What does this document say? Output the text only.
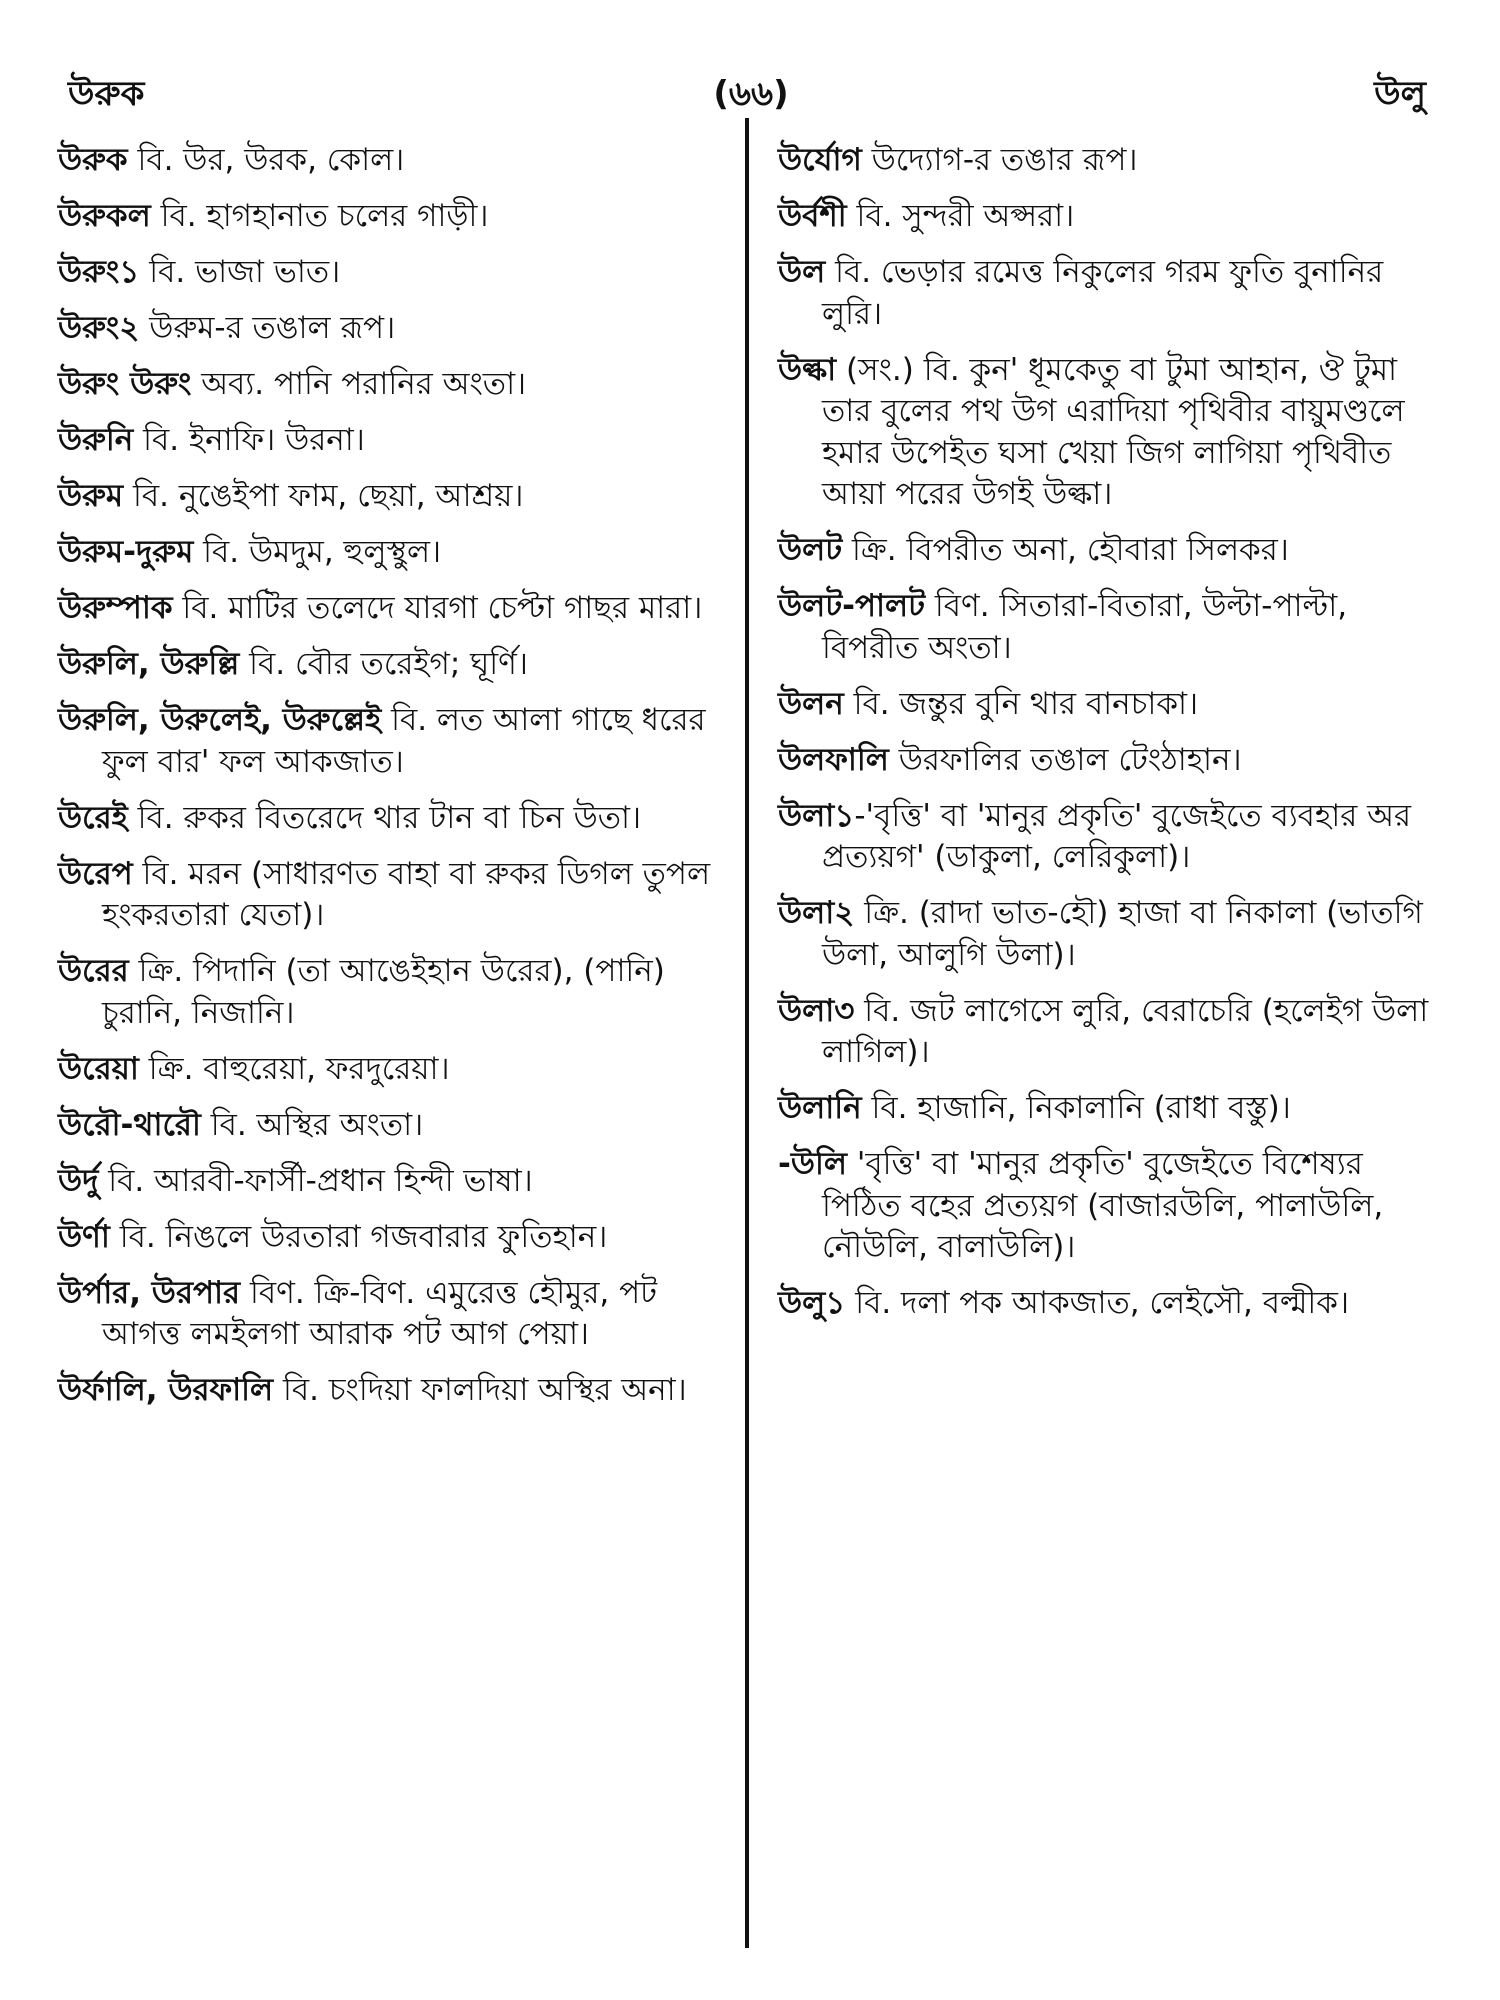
উরুক	(৬৬)	উলু

উরুক বি. উর, উরক, কোল।

উরুকল বি. হাগহানাত চলের গাড়ী।

উরুং১ বি. ভাজা ভাত।

উরুং২ উরুম-র তঙাল রূপ।

উরুং উরুং অব্য. পানি পরানির অংতা।

উরুনি বি. ইনাফি। উরনা।

উরুম বি. নুঙেইপা ফাম, ছেয়া, আশ্রয়।

উরুম-দুরুম বি. উমদুম, হুলুস্থুল।

উরুম্পাক বি. মাটির তলেদে যারগা চেপ্টা গাছর মারা।

উরুলি, উরুল্লি বি. বৌর তরেইগ; ঘূর্ণি।

উরুলি, উরুলেই, উরুল্লেই বি. লত আলা গাছে ধরের ফুল বার' ফল আকজাত।

উরেই বি. রুকর বিতরেদে থার টান বা চিন উতা।

উরেপ বি. মরন (সাধারণত বাহা বা রুকর ডিগল তুপল হংকরতারা যেতা)।

উরের ক্রি. পিদানি (তা আঙেইহান উরের), (পানি) চুরানি, নিজানি।

উরেয়া ক্রি. বাহুরেয়া, ফরদুরেয়া।

উরৌ-থারৌ বি. অস্থির অংতা।

উর্দু বি. আরবী-ফার্সী-প্রধান হিন্দী ভাষা।

উর্ণা বি. নিঙলে উরতারা গজবারার ফুতিহান।

উর্পার, উরপার বিণ. ক্রি-বিণ. এমুরেত্ত হৌমুর, পট আগত্ত লমইলগা আরাক পট আগ পেয়া।

উর্ফালি, উরফালি বি. চংদিয়া ফালদিয়া অস্থির অনা।

উর্যোগ উদ্যোগ-র তঙার রূপ।

উর্বশী বি. সুন্দরী অপ্সরা।

উল বি. ভেড়ার রমেত্ত নিকুলের গরম ফুতি বুনানির লুরি।

উল্কা (সং.) বি. কুন' ধূমকেতু বা টুমা আহান, ঔ টুমা তার বুলের পথ উগ এরাদিয়া পৃথিবীর বায়ুমণ্ডলে হমার উপেইত ঘসা খেয়া জিগ লাগিয়া পৃথিবীত আয়া পরের উগই উল্কা।

উলট ক্রি. বিপরীত অনা, হৌবারা সিলকর।

উলট-পালট বিণ. সিতারা-বিতারা, উল্টা-পাল্টা, বিপরীত অংতা।

উলন বি. জন্তুর বুনি থার বানচাকা।

উলফালি উরফালির তঙাল টেংঠাহান।

উলা১-'বৃত্তি' বা 'মানুর প্রকৃতি' বুজেইতে ব্যবহার অর প্রত্যয়গ' (ডাকুলা, লেরিকুলা)।

উলা২ ক্রি. (রাদা ভাত-হৌ) হাজা বা নিকালা (ভাতগি উলা, আলুগি উলা)।

উলা৩ বি. জট লাগেসে লুরি, বেরাচেরি (হলেইগ উলা লাগিল)।

উলানি বি. হাজানি, নিকালানি (রাধা বস্তু)।

-উলি 'বৃত্তি' বা 'মানুর প্রকৃতি' বুজেইতে বিশেষ্যর পিঠিত বহের প্রত্যয়গ (বাজারউলি, পালাউলি, নৌউলি, বালাউলি)।

উলু১ বি. দলা পক আকজাত, লেইসৌ, বল্মীক।
